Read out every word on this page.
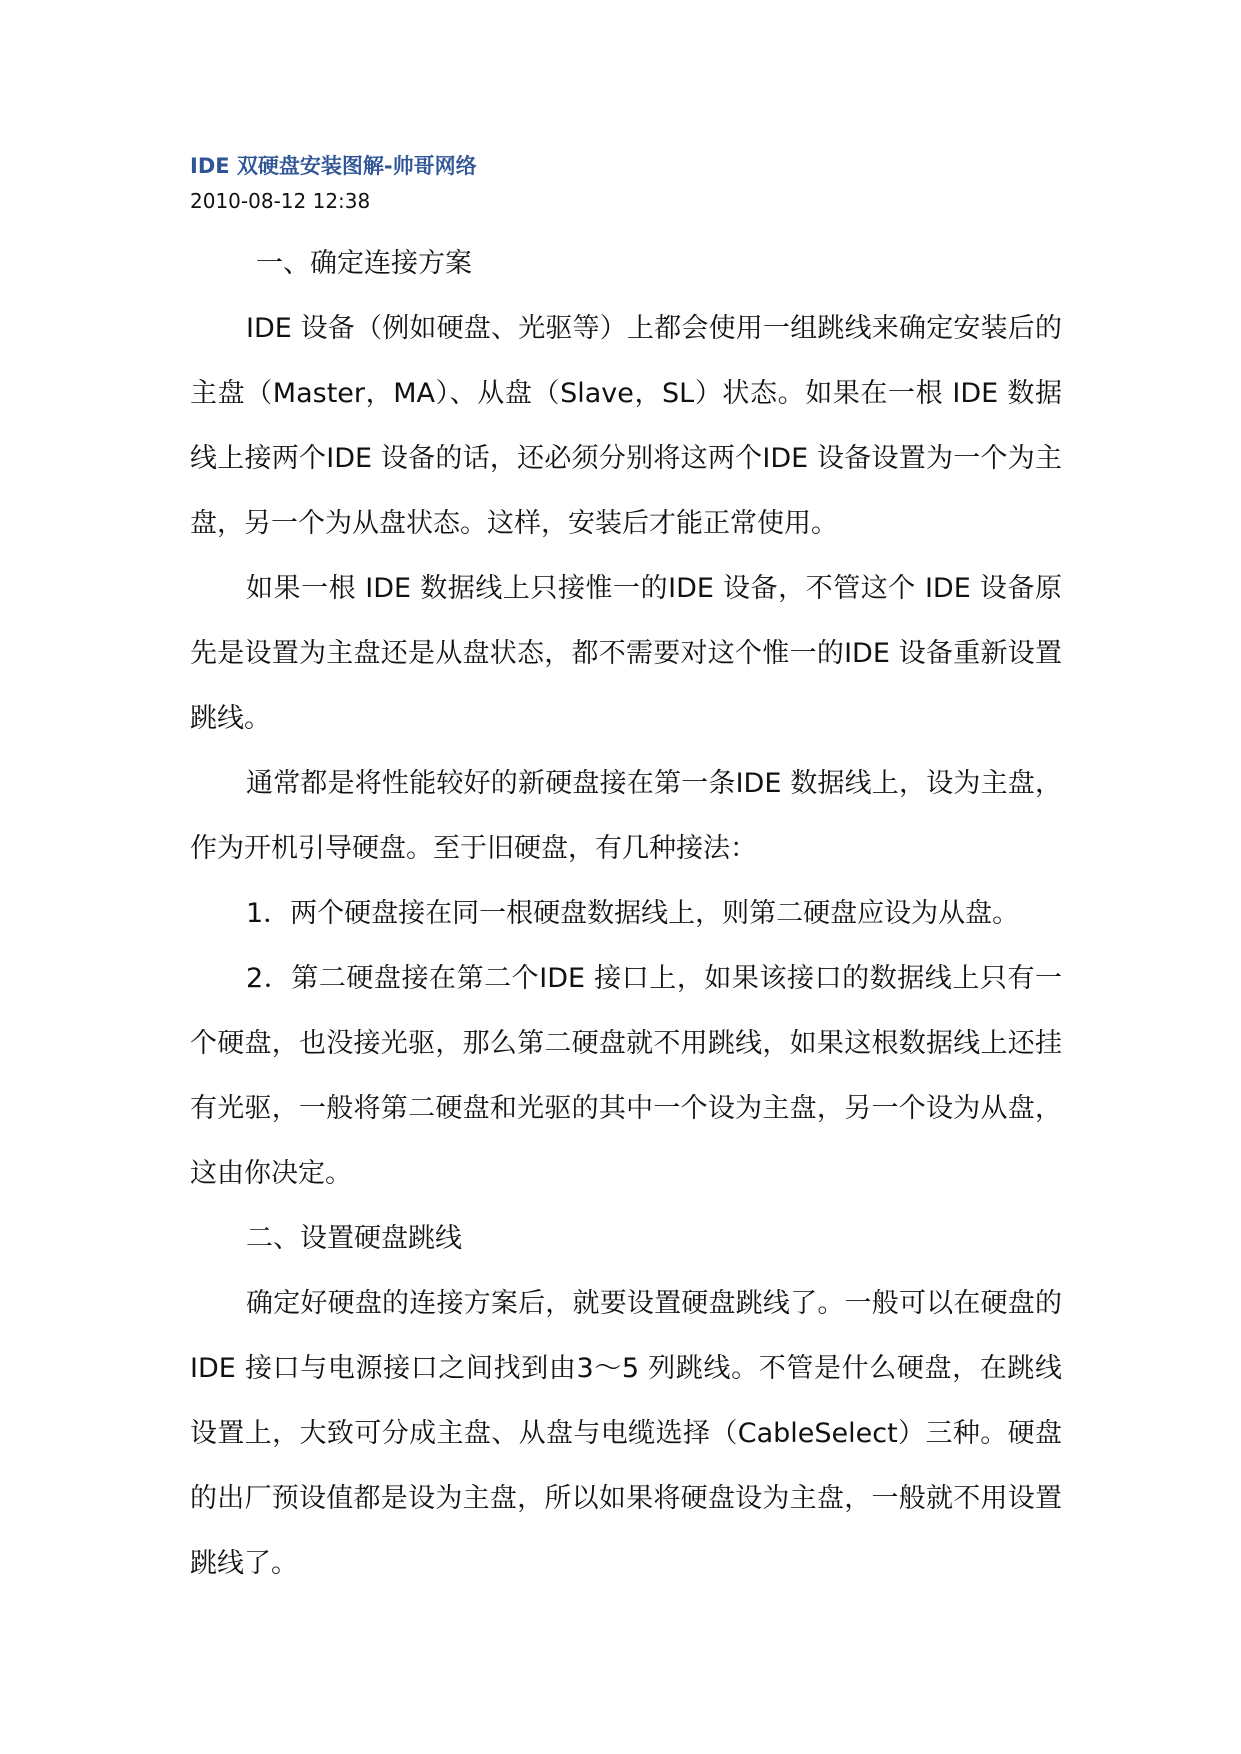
IDE 双硬盘安装图解-帅哥网络
2010-08-12 12:38

一、确定连接方案

IDE 设备（例如硬盘、光驱等）上都会使用一组跳线来确定安装后的主盘（Master，MA）、从盘（Slave，SL）状态。如果在一根 IDE 数据线上接两个IDE 设备的话，还必须分别将这两个IDE 设备设置为一个为主盘，另一个为从盘状态。这样，安装后才能正常使用。

如果一根 IDE 数据线上只接惟一的IDE 设备，不管这个 IDE 设备原先是设置为主盘还是从盘状态，都不需要对这个惟一的IDE 设备重新设置跳线。

通常都是将性能较好的新硬盘接在第一条IDE 数据线上，设为主盘，作为开机引导硬盘。至于旧硬盘，有几种接法：

1．两个硬盘接在同一根硬盘数据线上，则第二硬盘应设为从盘。

2．第二硬盘接在第二个IDE 接口上，如果该接口的数据线上只有一个硬盘，也没接光驱，那么第二硬盘就不用跳线，如果这根数据线上还挂有光驱，一般将第二硬盘和光驱的其中一个设为主盘，另一个设为从盘，这由你决定。

二、设置硬盘跳线

确定好硬盘的连接方案后，就要设置硬盘跳线了。一般可以在硬盘的 IDE 接口与电源接口之间找到由3～5 列跳线。不管是什么硬盘，在跳线设置上，大致可分成主盘、从盘与电缆选择（CableSelect）三种。硬盘的出厂预设值都是设为主盘，所以如果将硬盘设为主盘，一般就不用设置跳线了。
